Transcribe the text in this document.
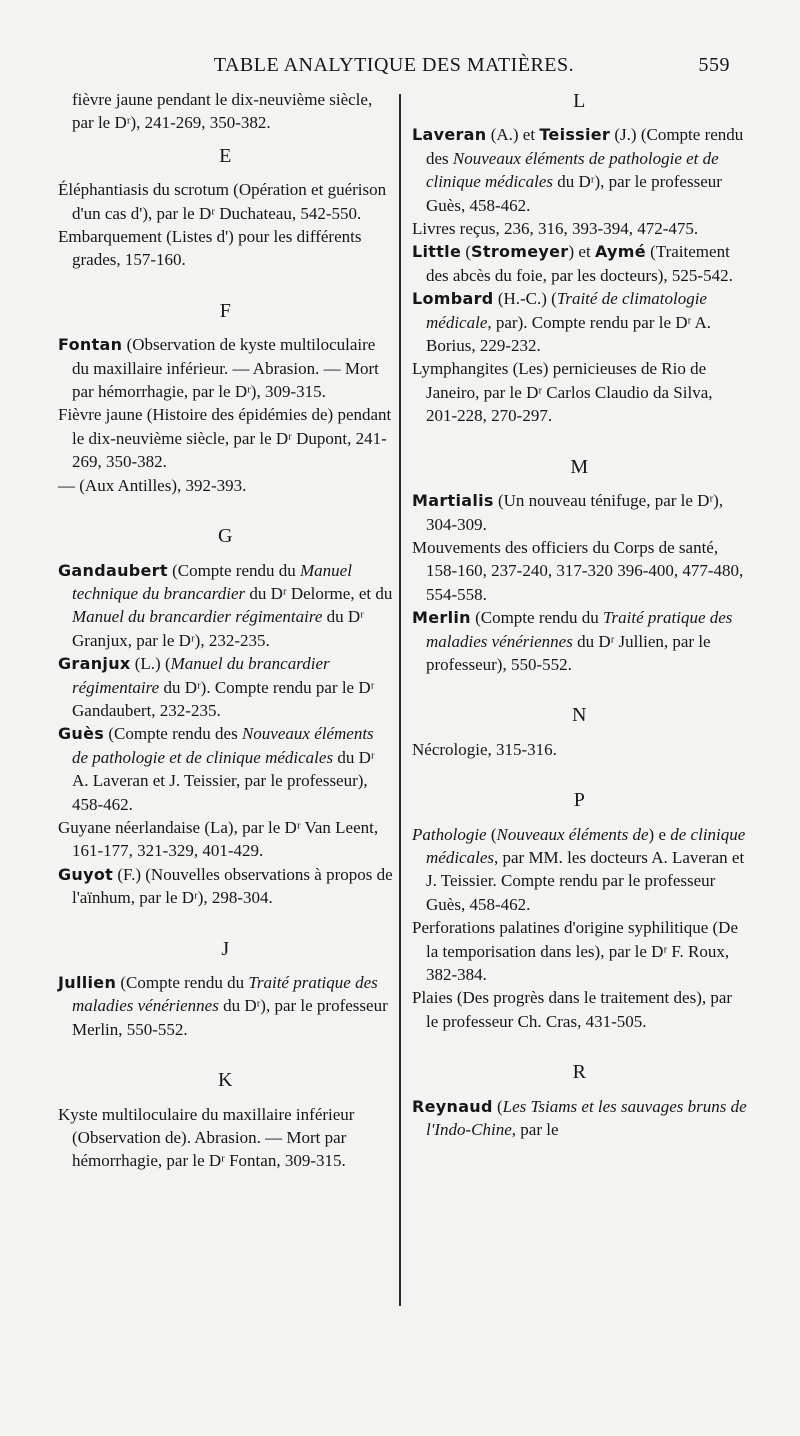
TABLE ANALYTIQUE DES MATIÈRES.	559

fièvre jaune pendant le dix-neuvième siècle, par le Dʳ), 241-269, 350-382.

E

Éléphantiasis du scrotum (Opération et guérison d'un cas d'), par le Dʳ Duchateau, 542-550.

Embarquement (Listes d') pour les différents grades, 157-160.

F

Fontan (Observation de kyste multiloculaire du maxillaire inférieur. — Abrasion. — Mort par hémorrhagie, par le Dʳ), 309-315.

Fièvre jaune (Histoire des épidémies de) pendant le dix-neuvième siècle, par le Dʳ Dupont, 241-269, 350-382.

— (Aux Antilles), 392-393.

G

Gandaubert (Compte rendu du Manuel technique du brancardier du Dʳ Delorme, et du Manuel du brancardier régimentaire du Dʳ Granjux, par le Dʳ), 232-235.

Granjux (L.) (Manuel du brancardier régimentaire du Dʳ). Compte rendu par le Dʳ Gandaubert, 232-235.

Guès (Compte rendu des Nouveaux éléments de pathologie et de clinique médicales du Dʳ A. Laveran et J. Teissier, par le professeur), 458-462.

Guyane néerlandaise (La), par le Dʳ Van Leent, 161-177, 321-329, 401-429.

Guyot (F.) (Nouvelles observations à propos de l'aïnhum, par le Dʳ), 298-304.

J

Jullien (Compte rendu du Traité pratique des maladies vénériennes du Dʳ), par le professeur Merlin, 550-552.

K

Kyste multiloculaire du maxillaire inférieur (Observation de). Abrasion. — Mort par hémorrhagie, par le Dʳ Fontan, 309-315.

L

Laveran (A.) et Teissier (J.) (Compte rendu des Nouveaux éléments de pathologie et de clinique médicales du Dʳ), par le professeur Guès, 458-462.

Livres reçus, 236, 316, 393-394, 472-475.

Little (Stromeyer) et Aymé (Traitement des abcès du foie, par les docteurs), 525-542.

Lombard (H.-C.) (Traité de climatologie médicale, par). Compte rendu par le Dʳ A. Borius, 229-232.

Lymphangites (Les) pernicieuses de Rio de Janeiro, par le Dʳ Carlos Claudio da Silva, 201-228, 270-297.

M

Martialis (Un nouveau ténifuge, par le Dʳ), 304-309.

Mouvements des officiers du Corps de santé, 158-160, 237-240, 317-320 396-400, 477-480, 554-558.

Merlin (Compte rendu du Traité pratique des maladies vénériennes du Dʳ Jullien, par le professeur), 550-552.

N

Nécrologie, 315-316.

P

Pathologie (Nouveaux éléments de) e de clinique médicales, par MM. les docteurs A. Laveran et J. Teissier. Compte rendu par le professeur Guès, 458-462.

Perforations palatines d'origine syphilitique (De la temporisation dans les), par le Dʳ F. Roux, 382-384.

Plaies (Des progrès dans le traitement des), par le professeur Ch. Cras, 431-505.

R

Reynaud (Les Tsiams et les sauvages bruns de l'Indo-Chine, par le
